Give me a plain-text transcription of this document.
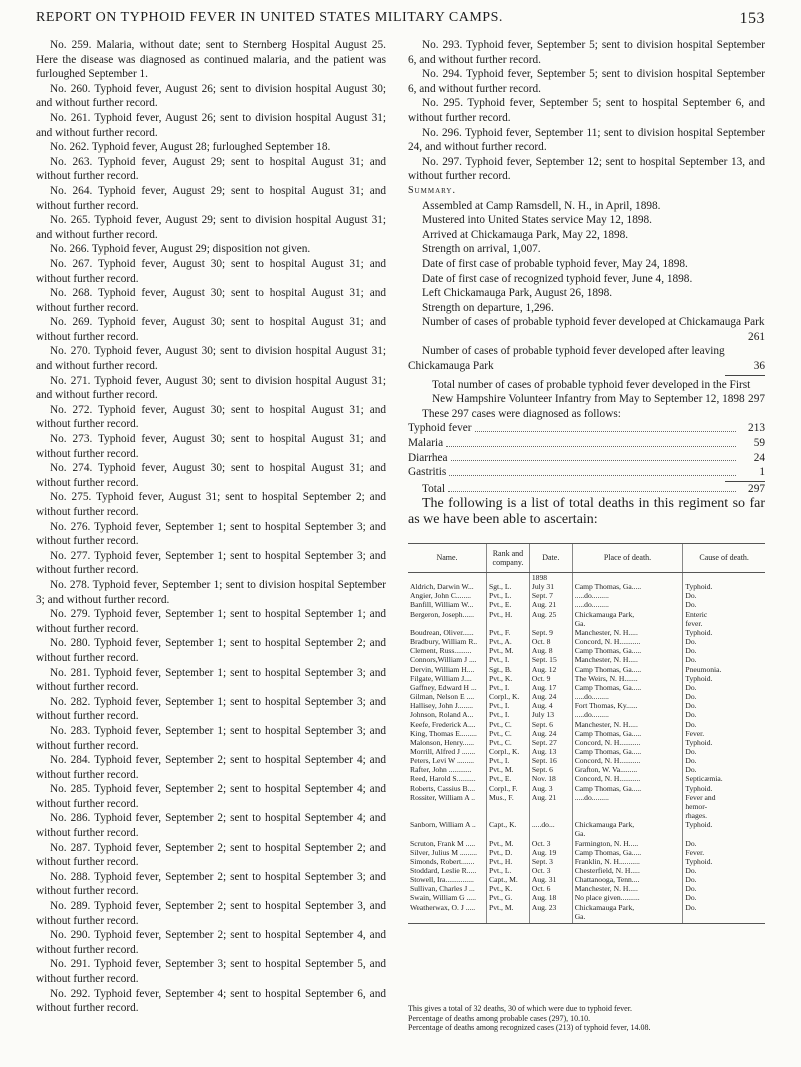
REPORT ON TYPHOID FEVER IN UNITED STATES MILITARY CAMPS.	153

No. 259. Malaria, without date; sent to Sternberg Hospital August 25. Here the disease was diagnosed as continued malaria, and the patient was furloughed September 1.

No. 260. Typhoid fever, August 26; sent to division hospital August 30; and without further record.

No. 261. Typhoid fever, August 26; sent to division hospital August 31; and without further record.

No. 262. Typhoid fever, August 28; furloughed September 18.

No. 263. Typhoid fever, August 29; sent to hospital August 31; and without further record.

No. 264. Typhoid fever, August 29; sent to hospital August 31; and without further record.

No. 265. Typhoid fever, August 29; sent to division hospital August 31; and without further record.

No. 266. Typhoid fever, August 29; disposition not given.

No. 267. Typhoid fever, August 30; sent to hospital August 31; and without further record.

No. 268. Typhoid fever, August 30; sent to hospital August 31; and without further record.

No. 269. Typhoid fever, August 30; sent to hospital August 31; and without further record.

No. 270. Typhoid fever, August 30; sent to division hospital August 31; and without further record.

No. 271. Typhoid fever, August 30; sent to division hospital August 31; and without further record.

No. 272. Typhoid fever, August 30; sent to hospital August 31; and without further record.

No. 273. Typhoid fever, August 30; sent to hospital August 31; and without further record.

No. 274. Typhoid fever, August 30; sent to hospital August 31; and without further record.

No. 275. Typhoid fever, August 31; sent to hospital September 2; and without further record.

No. 276. Typhoid fever, September 1; sent to hospital September 3; and without further record.

No. 277. Typhoid fever, September 1; sent to hospital September 3; and without further record.

No. 278. Typhoid fever, September 1; sent to division hospital September 3; and without further record.

No. 279. Typhoid fever, September 1; sent to hospital September 1; and without further record.

No. 280. Typhoid fever, September 1; sent to hospital September 2; and without further record.

No. 281. Typhoid fever, September 1; sent to hospital September 3; and without further record.

No. 282. Typhoid fever, September 1; sent to hospital September 3; and without further record.

No. 283. Typhoid fever, September 1; sent to hospital September 3; and without further record.

No. 284. Typhoid fever, September 2; sent to hospital September 4; and without further record.

No. 285. Typhoid fever, September 2; sent to hospital September 4; and without further record.

No. 286. Typhoid fever, September 2; sent to hospital September 4; and without further record.

No. 287. Typhoid fever, September 2; sent to hospital September 2; and without further record.

No. 288. Typhoid fever, September 2; sent to hospital September 3; and without further record.

No. 289. Typhoid fever, September 2; sent to hospital September 3, and without further record.

No. 290. Typhoid fever, September 2; sent to hospital September 4, and without further record.

No. 291. Typhoid fever, September 3; sent to hospital September 5, and without further record.

No. 292. Typhoid fever, September 4; sent to hospital September 6, and without further record.

No. 293. Typhoid fever, September 5; sent to division hospital September 6, and without further record.

No. 294. Typhoid fever, September 5; sent to division hospital September 6, and without further record.

No. 295. Typhoid fever, September 5; sent to hospital September 6, and without further record.

No. 296. Typhoid fever, September 11; sent to division hospital September 24, and without further record.

No. 297. Typhoid fever, September 12; sent to hospital September 13, and without further record.

Summary.

Assembled at Camp Ramsdell, N. H., in April, 1898.
Mustered into United States service May 12, 1898.
Arrived at Chickamauga Park, May 22, 1898.
Strength on arrival, 1,007.
Date of first case of probable typhoid fever, May 24, 1898.
Date of first case of recognized typhoid fever, June 4, 1898.
Left Chickamauga Park, August 26, 1898.
Strength on departure, 1,296.
Number of cases of probable typhoid fever developed at Chickamauga Park
261
Number of cases of probable typhoid fever developed after leaving Chickamauga Park	36
Total number of cases of probable typhoid fever developed in the First New Hampshire Volunteer Infantry from May to September 12, 1898 297
These 297 cases were diagnosed as follows:
Typhoid fever	213
Malaria	59
Diarrhea	24
Gastritis	1
Total	297

The following is a list of total deaths in this regiment so far as we have been able to ascertain:

Name.	Rank and company.	Date.	Place of death.	Cause of death.
		1898		
Aldrich, Darwin W...	Sgt., L.	July 31	Camp Thomas, Ga.....	Typhoid.
Angier, John C........	Pvt., L.	Sept. 7	.....do.........	Do.
Banfill, William W...	Pvt., E.	Aug. 21	.....do.........	Do.
Bergeron, Joseph......	Pvt., H.	Aug. 25	Chickamauga Park,	Enteric
			Ga.	fever.
Boudrean, Oliver......	Pvt., F.	Sept. 9	Manchester, N. H.....	Typhoid.
Bradbury, William R..	Pvt., A.	Oct. 8	Concord, N. H...........	Do.
Clement, Russ.........	Pvt., M.	Aug. 8	Camp Thomas, Ga.....	Do.
Connors,William J ....	Pvt., I.	Sept. 15	Manchester, N. H.....	Do.
Dervin, William H....	Sgt., B.	Aug. 12	Camp Thomas, Ga.....	Pneumonia.
Filgate, William J....	Pvt., K.	Oct. 9	The Weirs, N. H.......	Typhoid.
Gaffney, Edward H ...	Pvt., I.	Aug. 17	Camp Thomas, Ga.....	Do.
Gilman, Nelson E ....	Corpl., K.	Aug. 24	.....do.........	Do.
Hallisey, John J........	Pvt., I.	Aug. 4	Fort Thomas, Ky......	Do.
Johnson, Roland A...	Pvt., I.	July 13	.....do.........	Do.
Keefe, Frederick A....	Pvt., C.	Sept. 6	Manchester, N. H.....	Do.
King, Thomas E.........	Pvt., C.	Aug. 24	Camp Thomas, Ga.....	Fever.
Malonson, Henry......	Pvt., C.	Sept. 27	Concord, N. H...........	Typhoid.
Morrill, Alfred J .......	Corpl., K.	Aug. 13	Camp Thomas, Ga.....	Do.
Peters, Levi W .........	Pvt., I.	Sept. 16	Concord, N. H...........	Do.
Rafter, John ............	Pvt., M.	Sept. 6	Grafton, W. Va.........	Do.
Reed, Harold S..........	Pvt., E.	Nov. 18	Concord, N. H...........	Septicæmia.
Roberts, Cassius B....	Corpl., F.	Aug. 3	Camp Thomas, Ga.....	Typhoid.
Rossiter, William A ..	Mus., F.	Aug. 21	.....do.........	Fever and
				hemor-
				rhages.
Sanborn, William A ..	Capt., K.	.....do...	Chickamauga Park,	Typhoid.
			Ga.	
Scruton, Frank M .....	Pvt., M.	Oct. 3	Farmington, N. H.....	Do.
Silver, Julius M .........	Pvt., D.	Aug. 19	Camp Thomas, Ga.....	Fever.
Simonds, Robert.......	Pvt., H.	Sept. 3	Franklin, N. H...........	Typhoid.
Stoddard, Leslie R.....	Pvt., L.	Oct. 3	Chesterfield, N. H.....	Do.
Stowell, Ira...............	Capt., M.	Aug. 31	Chattanooga, Tenn....	Do.
Sullivan, Charles J ...	Pvt., K.	Oct. 6	Manchester, N. H.....	Do.
Swain, William G .....	Pvt., G.	Aug. 18	No place given..........	Do.
Weatherwax, O. J .....	Pvt., M.	Aug. 23	Chickamauga Park,	Do.
			Ga.	

This gives a total of 32 deaths, 30 of which were due to typhoid fever.

Percentage of deaths among probable cases (297), 10.10.

Percentage of deaths among recognized cases (213) of typhoid fever, 14.08.
